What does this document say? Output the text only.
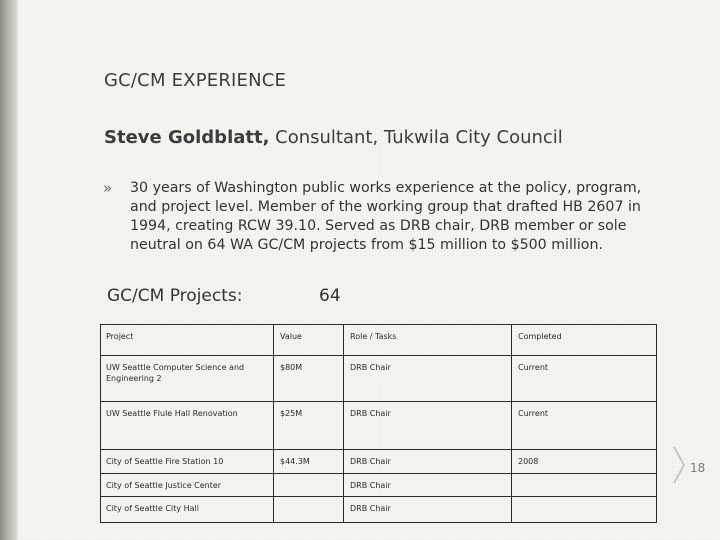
GC/CM EXPERIENCE
Steve Goldblatt, Consultant, Tukwila City Council
» 30 years of Washington public works experience at the policy, program, and project level. Member of the working group that drafted HB 2607 in 1994, creating RCW 39.10. Served as DRB chair, DRB member or sole neutral on 64 WA GC/CM projects from $15 million to $500 million.
GC/CM Projects:	64
Project	Value	Role / Tasks	Completed
UW Seattle Computer Science and Engineering 2	$80M	DRB Chair	Current
UW Seattle Flule Hall Renovation	$25M	DRB Chair	Current
City of Seattle Fire Station 10	$44.3M	DRB Chair	2008
City of Seattle Justice Center		DRB Chair	
City of Seattle City Hall		DRB Chair	
18
